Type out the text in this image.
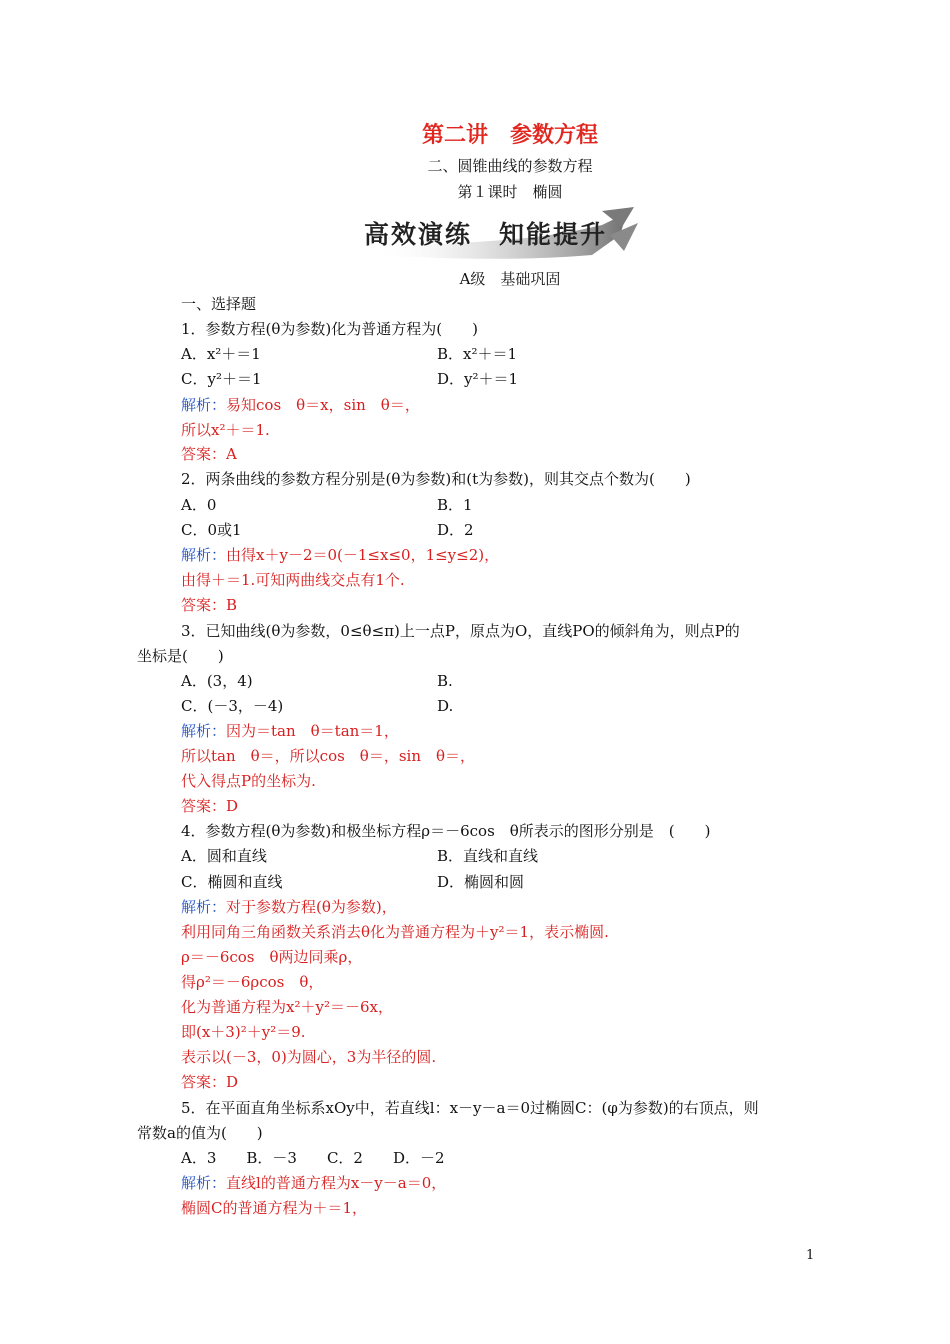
第二讲　参数方程
二、圆锥曲线的参数方程
第１课时　椭圆
高效演练　知能提升
A级　基础巩固
一、选择题
1．参数方程(θ为参数)化为普通方程为(　　)
A．x²＋＝1	B．x²＋＝1
C．y²＋＝1	D．y²＋＝1
解析：易知cos　θ＝x，sin　θ＝，
所以x²＋＝1.
答案：A
2．两条曲线的参数方程分别是(θ为参数)和(t为参数)，则其交点个数为(　　)
A．0	B．1
C．0或1	D．2
解析：由得x＋y－2＝0(－1≤x≤0，1≤y≤2)，
由得＋＝1.可知两曲线交点有1个.
答案：B
3．已知曲线(θ为参数，0≤θ≤π)上一点P，原点为O，直线PO的倾斜角为，则点P的
坐标是(　　)
A．(3，4)	B.
C．(－3，－4)	D.
解析：因为＝tan　θ＝tan＝1，
所以tan　θ＝，所以cos　θ＝，sin　θ＝，
代入得点P的坐标为.
答案：D
4．参数方程(θ为参数)和极坐标方程ρ＝－6cos　θ所表示的图形分别是　(　　)
A．圆和直线	B．直线和直线
C．椭圆和直线	D．椭圆和圆
解析：对于参数方程(θ为参数)，
利用同角三角函数关系消去θ化为普通方程为＋y²＝1，表示椭圆.
ρ＝－6cos　θ两边同乘ρ，
得ρ²＝－6ρcos　θ，
化为普通方程为x²＋y²＝－6x，
即(x＋3)²＋y²＝9.
表示以(－3，0)为圆心，3为半径的圆.
答案：D
5．在平面直角坐标系xOy中，若直线l：x－y－a＝0过椭圆C：(φ为参数)的右顶点，则
常数a的值为(　　)
A．3　　B．－3　　C．2　　D．－2
解析：直线l的普通方程为x－y－a＝0，
椭圆C的普通方程为＋＝1，
1
